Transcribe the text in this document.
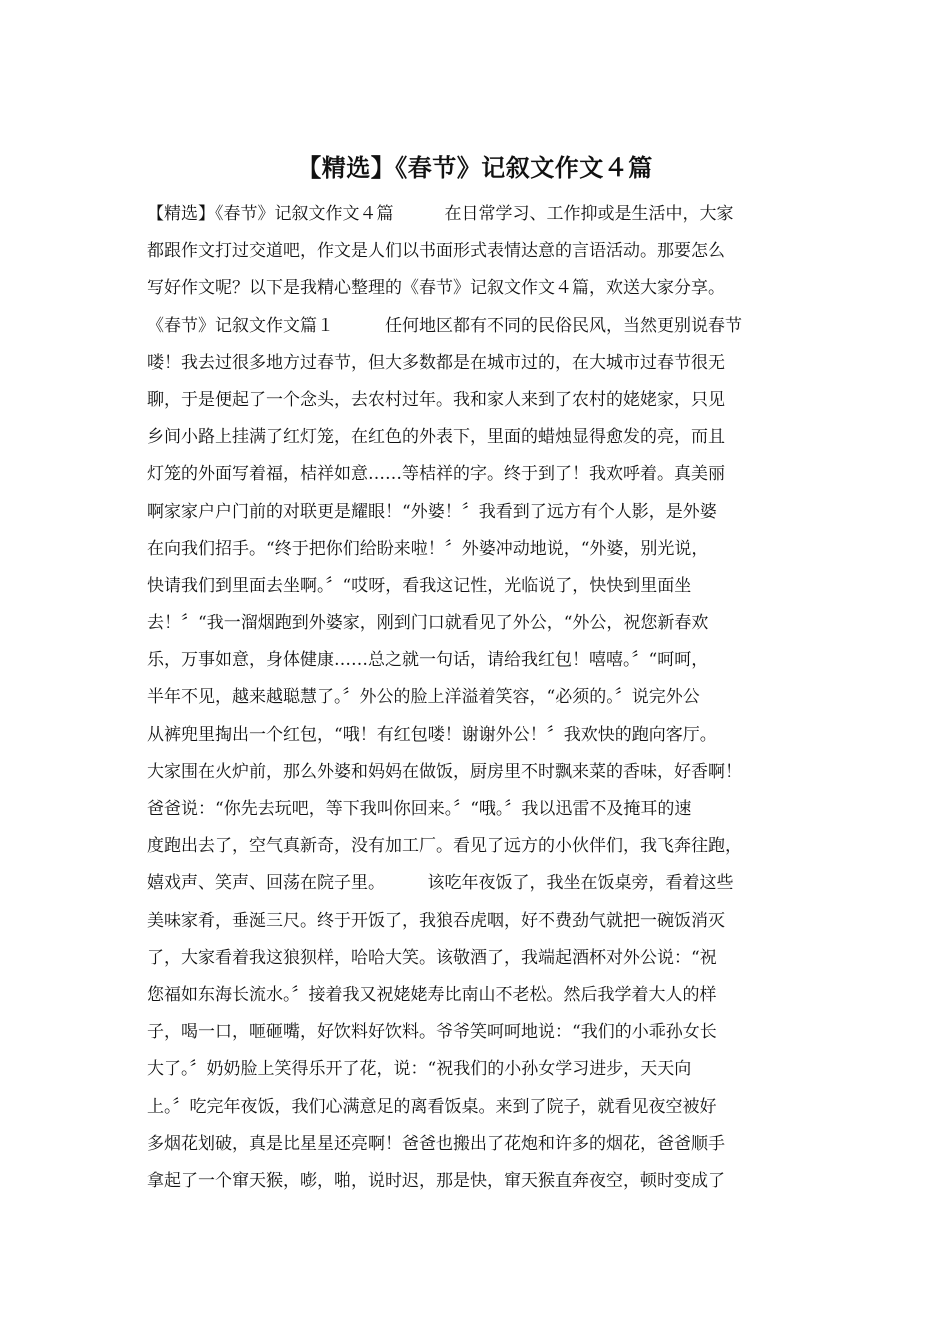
【精选】《春节》记叙文作文４篇
【精选】《春节》记叙文作文４篇　　　在日常学习、工作抑或是生活中，大家
都跟作文打过交道吧，作文是人们以书面形式表情达意的言语活动。那要怎么
写好作文呢？以下是我精心整理的《春节》记叙文作文４篇，欢送大家分享。
《春节》记叙文作文篇１　　　任何地区都有不同的民俗民风，当然更别说春节
喽！我去过很多地方过春节，但大多数都是在城市过的，在大城市过春节很无
聊，于是便起了一个念头，去农村过年。我和家人来到了农村的姥姥家，只见
乡间小路上挂满了红灯笼，在红色的外表下，里面的蜡烛显得愈发的亮，而且
灯笼的外面写着福，桔祥如意……等桔祥的字。终于到了！我欢呼着。真美丽
啊家家户户门前的对联更是耀眼！“外婆！〞我看到了远方有个人影，是外婆
在向我们招手。“终于把你们给盼来啦！〞外婆冲动地说，“外婆，别光说，
快请我们到里面去坐啊。〞“哎呀，看我这记性，光临说了，快快到里面坐
去！〞“我一溜烟跑到外婆家，刚到门口就看见了外公，“外公，祝您新春欢
乐，万事如意，身体健康……总之就一句话，请给我红包！嘻嘻。〞“呵呵，
半年不见，越来越聪慧了。〞外公的脸上洋溢着笑容，“必须的。〞说完外公
从裤兜里掏出一个红包，“哦！有红包喽！谢谢外公！〞我欢快的跑向客厅。
大家围在火炉前，那么外婆和妈妈在做饭，厨房里不时飘来菜的香味，好香啊！
爸爸说：“你先去玩吧，等下我叫你回来。〞“哦。〞我以迅雷不及掩耳的速
度跑出去了，空气真新奇，没有加工厂。看见了远方的小伙伴们，我飞奔往跑，
嬉戏声、笑声、回荡在院子里。　　　该吃年夜饭了，我坐在饭桌旁，看着这些
美味家肴，垂涎三尺。终于开饭了，我狼吞虎咽，好不费劲气就把一碗饭消灭
了，大家看着我这狼狈样，哈哈大笑。该敬酒了，我端起酒杯对外公说：“祝
您福如东海长流水。〞接着我又祝姥姥寿比南山不老松。然后我学着大人的样
子，喝一口，咂砸嘴，好饮料好饮料。爷爷笑呵呵地说：“我们的小乖孙女长
大了。〞奶奶脸上笑得乐开了花，说：“祝我们的小孙女学习进步，天天向
上。〞吃完年夜饭，我们心满意足的离看饭桌。来到了院子，就看见夜空被好
多烟花划破，真是比星星还亮啊！爸爸也搬出了花炮和许多的烟花，爸爸顺手
拿起了一个窜天猴，嘭，啪，说时迟，那是快，窜天猴直奔夜空，顿时变成了
